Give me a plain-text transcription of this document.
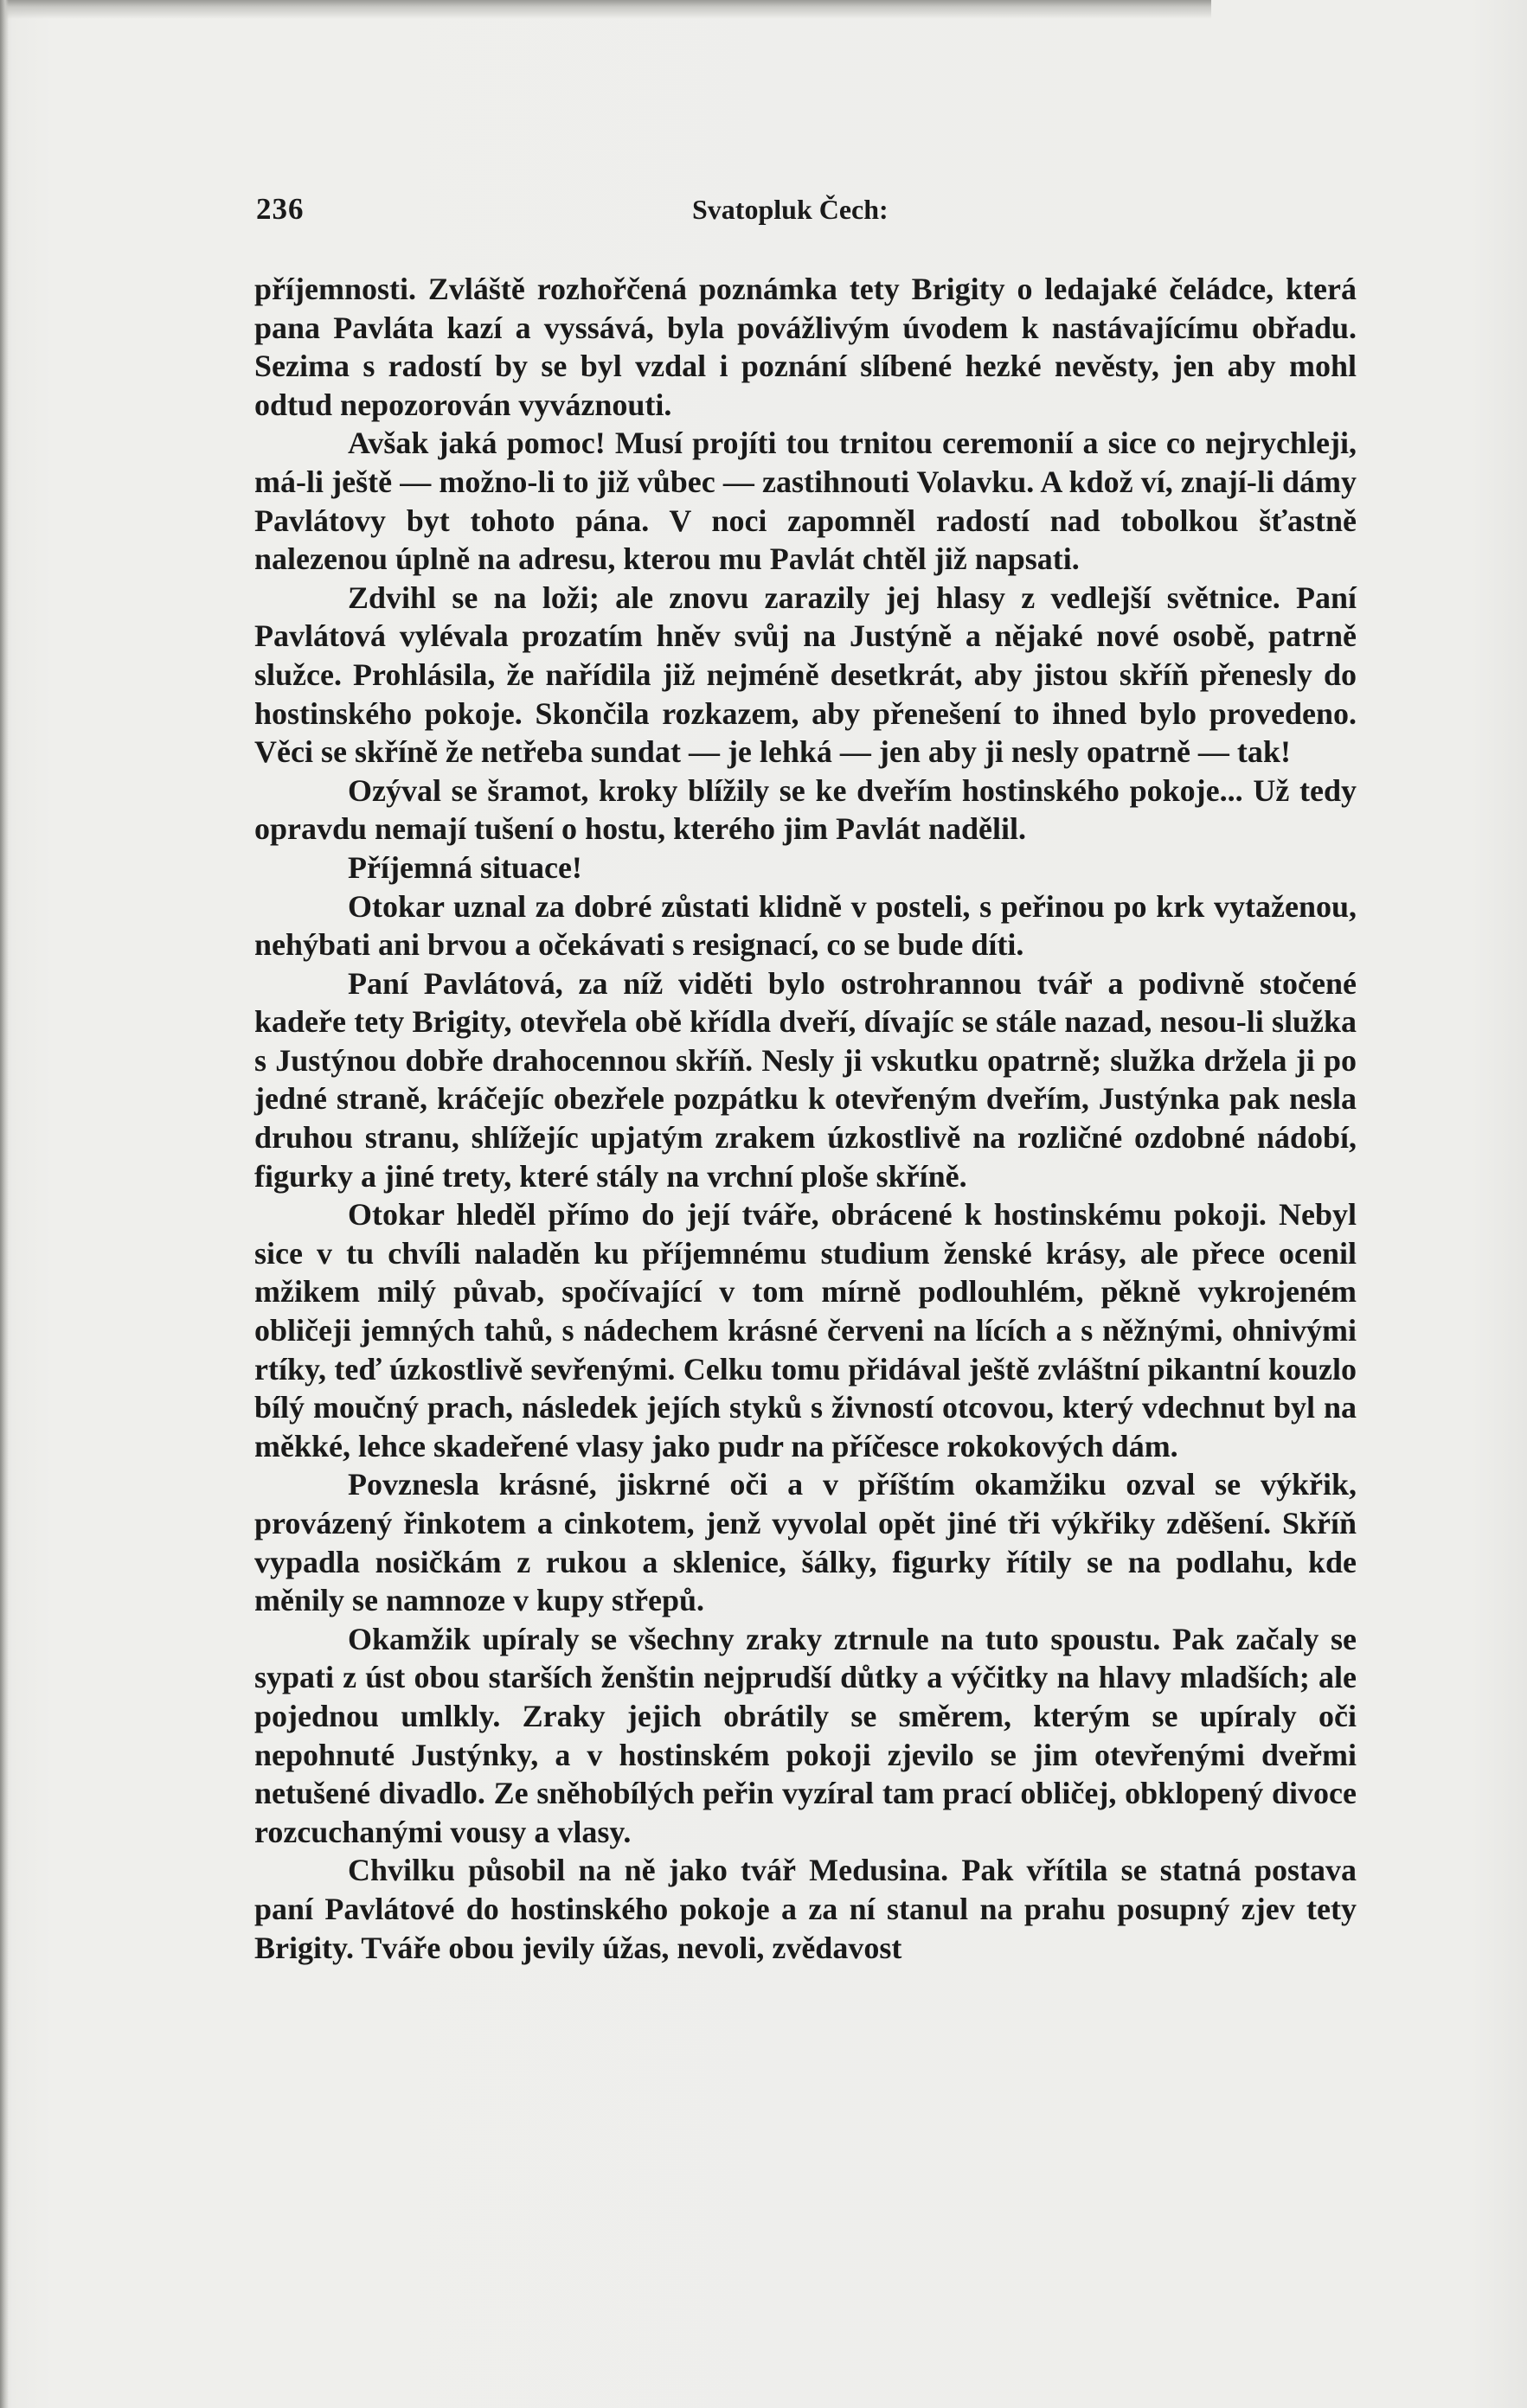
236	Svatopluk Čech:

příjemnosti. Zvláště rozhořčená poznámka tety Brigity o ledajaké čeládce, která pana Pavláta kazí a vyssává, byla povážlivým úvodem k nastávajícímu obřadu. Sezima s radostí by se byl vzdal i poznání slíbené hezké nevěsty, jen aby mohl odtud nepozorován vyváznouti.

Avšak jaká pomoc! Musí projíti tou trnitou ceremonií a sice co nejrychleji, má-li ještě — možno-li to již vůbec — zastihnouti Volavku. A kdož ví, znají-li dámy Pavlátovy byt tohoto pána. V noci zapomněl radostí nad tobolkou šťastně nalezenou úplně na adresu, kterou mu Pavlát chtěl již napsati.

Zdvihl se na loži; ale znovu zarazily jej hlasy z vedlejší světnice. Paní Pavlátová vylévala prozatím hněv svůj na Justýně a nějaké nové osobě, patrně služce. Prohlásila, že nařídila již nejméně desetkrát, aby jistou skříň přenesly do hostinského pokoje. Skončila rozkazem, aby přenešení to ihned bylo provedeno. Věci se skříně že netřeba sundat — je lehká — jen aby ji nesly opatrně — tak!

Ozýval se šramot, kroky blížily se ke dveřím hostinského pokoje... Už tedy opravdu nemají tušení o hostu, kterého jim Pavlát nadělil.

Příjemná situace!

Otokar uznal za dobré zůstati klidně v posteli, s peřinou po krk vytaženou, nehýbati ani brvou a očekávati s resignací, co se bude díti.

Paní Pavlátová, za níž viděti bylo ostrohrannou tvář a podivně stočené kadeře tety Brigity, otevřela obě křídla dveří, dívajíc se stále nazad, nesou-li služka s Justýnou dobře drahocennou skříň. Nesly ji vskutku opatrně; služka držela ji po jedné straně, kráčejíc obezřele pozpátku k otevřeným dveřím, Justýnka pak nesla druhou stranu, shlížejíc upjatým zrakem úzkostlivě na rozličné ozdobné nádobí, figurky a jiné trety, které stály na vrchní ploše skříně.

Otokar hleděl přímo do její tváře, obrácené k hostinskému pokoji. Nebyl sice v tu chvíli naladěn ku příjemnému studium ženské krásy, ale přece ocenil mžikem milý půvab, spočívající v tom mírně podlouhlém, pěkně vykrojeném obličeji jemných tahů, s nádechem krásné červeni na lících a s něžnými, ohnivými rtíky, teď úzkostlivě sevřenými. Celku tomu přidával ještě zvláštní pikantní kouzlo bílý moučný prach, následek jejích styků s živností otcovou, který vdechnut byl na měkké, lehce skadeřené vlasy jako pudr na příčesce rokokových dám.

Povznesla krásné, jiskrné oči a v příštím okamžiku ozval se výkřik, provázený řinkotem a cinkotem, jenž vyvolal opět jiné tři výkřiky zděšení. Skříň vypadla nosičkám z rukou a sklenice, šálky, figurky řítily se na podlahu, kde měnily se namnoze v kupy střepů.

Okamžik upíraly se všechny zraky ztrnule na tuto spoustu. Pak začaly se sypati z úst obou starších ženštin nejprudší důtky a výčitky na hlavy mladších; ale pojednou umlkly. Zraky jejich obrátily se směrem, kterým se upíraly oči nepohnuté Justýnky, a v hostinském pokoji zjevilo se jim otevřenými dveřmi netušené divadlo. Ze sněhobílých peřin vyzíral tam prací obličej, obklopený divoce rozcuchanými vousy a vlasy.

Chvilku působil na ně jako tvář Medusina. Pak vřítila se statná postava paní Pavlátové do hostinského pokoje a za ní stanul na prahu posupný zjev tety Brigity. Tváře obou jevily úžas, nevoli, zvědavost
